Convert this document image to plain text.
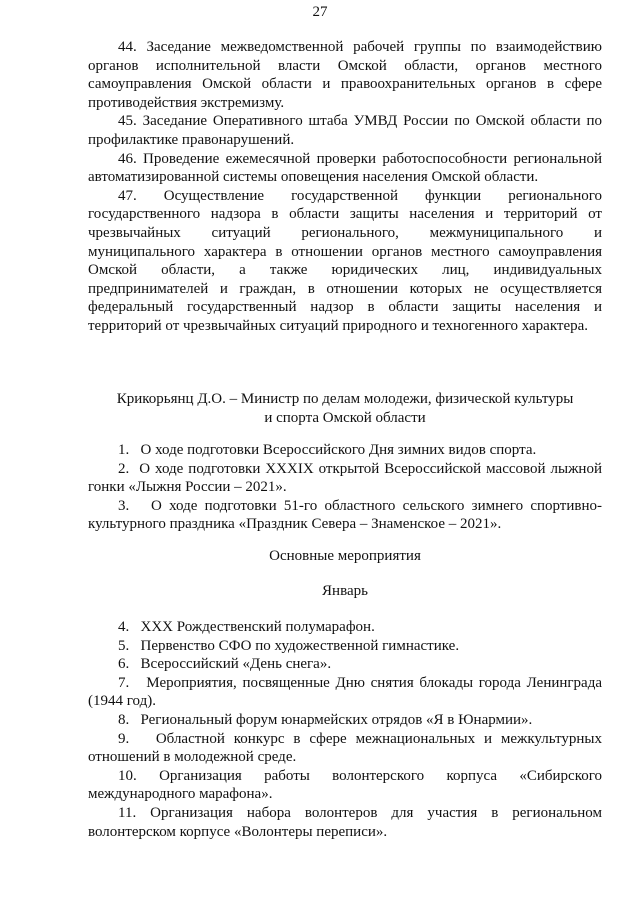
27

44. Заседание межведомственной рабочей группы по взаимодействию органов исполнительной власти Омской области, органов местного самоуправления Омской области и правоохранительных органов в сфере противодействия экстремизму.

45. Заседание Оперативного штаба УМВД России по Омской области по профилактике правонарушений.

46. Проведение ежемесячной проверки работоспособности региональной автоматизированной системы оповещения населения Омской области.

47. Осуществление государственной функции регионального государственного надзора в области защиты населения и территорий от чрезвычайных ситуаций регионального, межмуниципального и муниципального характера в отношении органов местного самоуправления Омской области, а также юридических лиц, индивидуальных предпринимателей и граждан, в отношении которых не осуществляется федеральный государственный надзор в области защиты населения и территорий от чрезвычайных ситуаций природного и техногенного характера.

Крикорьянц Д.О. – Министр по делам молодежи, физической культуры

и спорта Омской области

1.   О ходе подготовки Всероссийского Дня зимних видов спорта.

2.  О ходе подготовки XXXIX открытой Всероссийской массовой лыжной гонки «Лыжня России – 2021».

3.   О ходе подготовки 51-го областного сельского зимнего спортивно-культурного праздника «Праздник Севера – Знаменское – 2021».

Основные мероприятия

Январь

4.   XXX Рождественский полумарафон.

5.   Первенство СФО по художественной гимнастике.

6.   Всероссийский «День снега».

7.   Мероприятия, посвященные Дню снятия блокады города Ленинграда (1944 год).

8.   Региональный форум юнармейских отрядов «Я в Юнармии».

9.   Областной конкурс в сфере межнациональных и межкультурных отношений в молодежной среде.

10. Организация работы волонтерского корпуса «Сибирского международного марафона».

11. Организация набора волонтеров для участия в региональном волонтерском корпусе «Волонтеры переписи».
